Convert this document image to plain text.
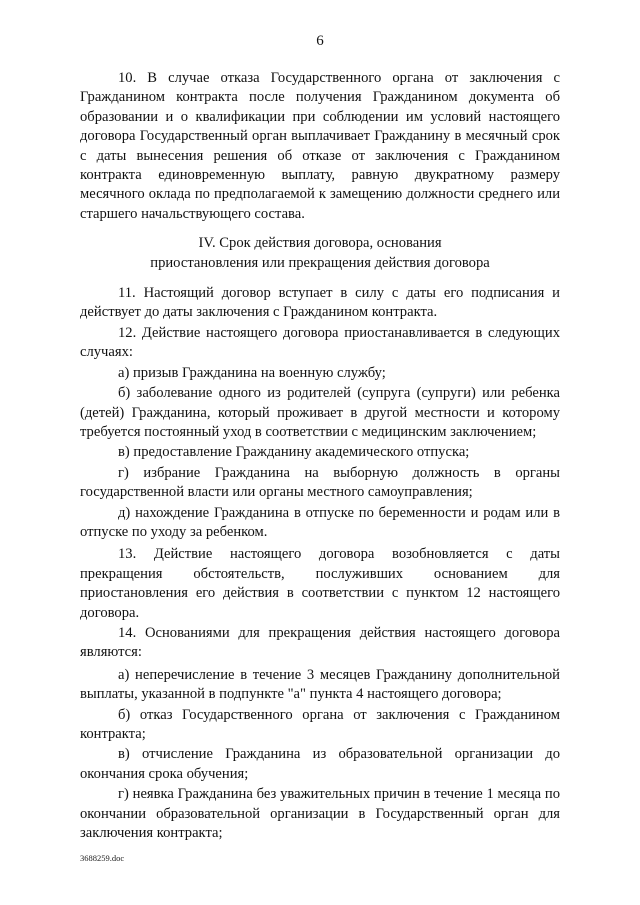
6

10. В случае отказа Государственного органа от заключения с Гражданином контракта после получения Гражданином документа об образовании и о квалификации при соблюдении им условий настоящего договора Государственный орган выплачивает Гражданину в месячный срок с даты вынесения решения об отказе от заключения с Гражданином контракта единовременную выплату, равную двукратному размеру месячного оклада по предполагаемой к замещению должности среднего или старшего начальствующего состава.

IV. Срок действия договора, основания
приостановления или прекращения действия договора

11. Настоящий договор вступает в силу с даты его подписания и действует до даты заключения с Гражданином контракта.

12. Действие настоящего договора приостанавливается в следующих случаях:

а) призыв Гражданина на военную службу;

б) заболевание одного из родителей (супруга (супруги) или ребенка (детей) Гражданина, который проживает в другой местности и которому требуется постоянный уход в соответствии с медицинским заключением;

в) предоставление Гражданину академического отпуска;

г) избрание Гражданина на выборную должность в органы государственной власти или органы местного самоуправления;

д) нахождение Гражданина в отпуске по беременности и родам или в отпуске по уходу за ребенком.

13. Действие настоящего договора возобновляется с даты прекращения обстоятельств, послуживших основанием для приостановления его действия в соответствии с пунктом 12 настоящего договора.

14. Основаниями для прекращения действия настоящего договора являются:

а) неперечисление в течение 3 месяцев Гражданину дополнительной выплаты, указанной в подпункте "а" пункта 4 настоящего договора;

б) отказ Государственного органа от заключения с Гражданином контракта;

в) отчисление Гражданина из образовательной организации до окончания срока обучения;

г) неявка Гражданина без уважительных причин в течение 1 месяца по окончании образовательной организации в Государственный орган для заключения контракта;

3688259.doc
